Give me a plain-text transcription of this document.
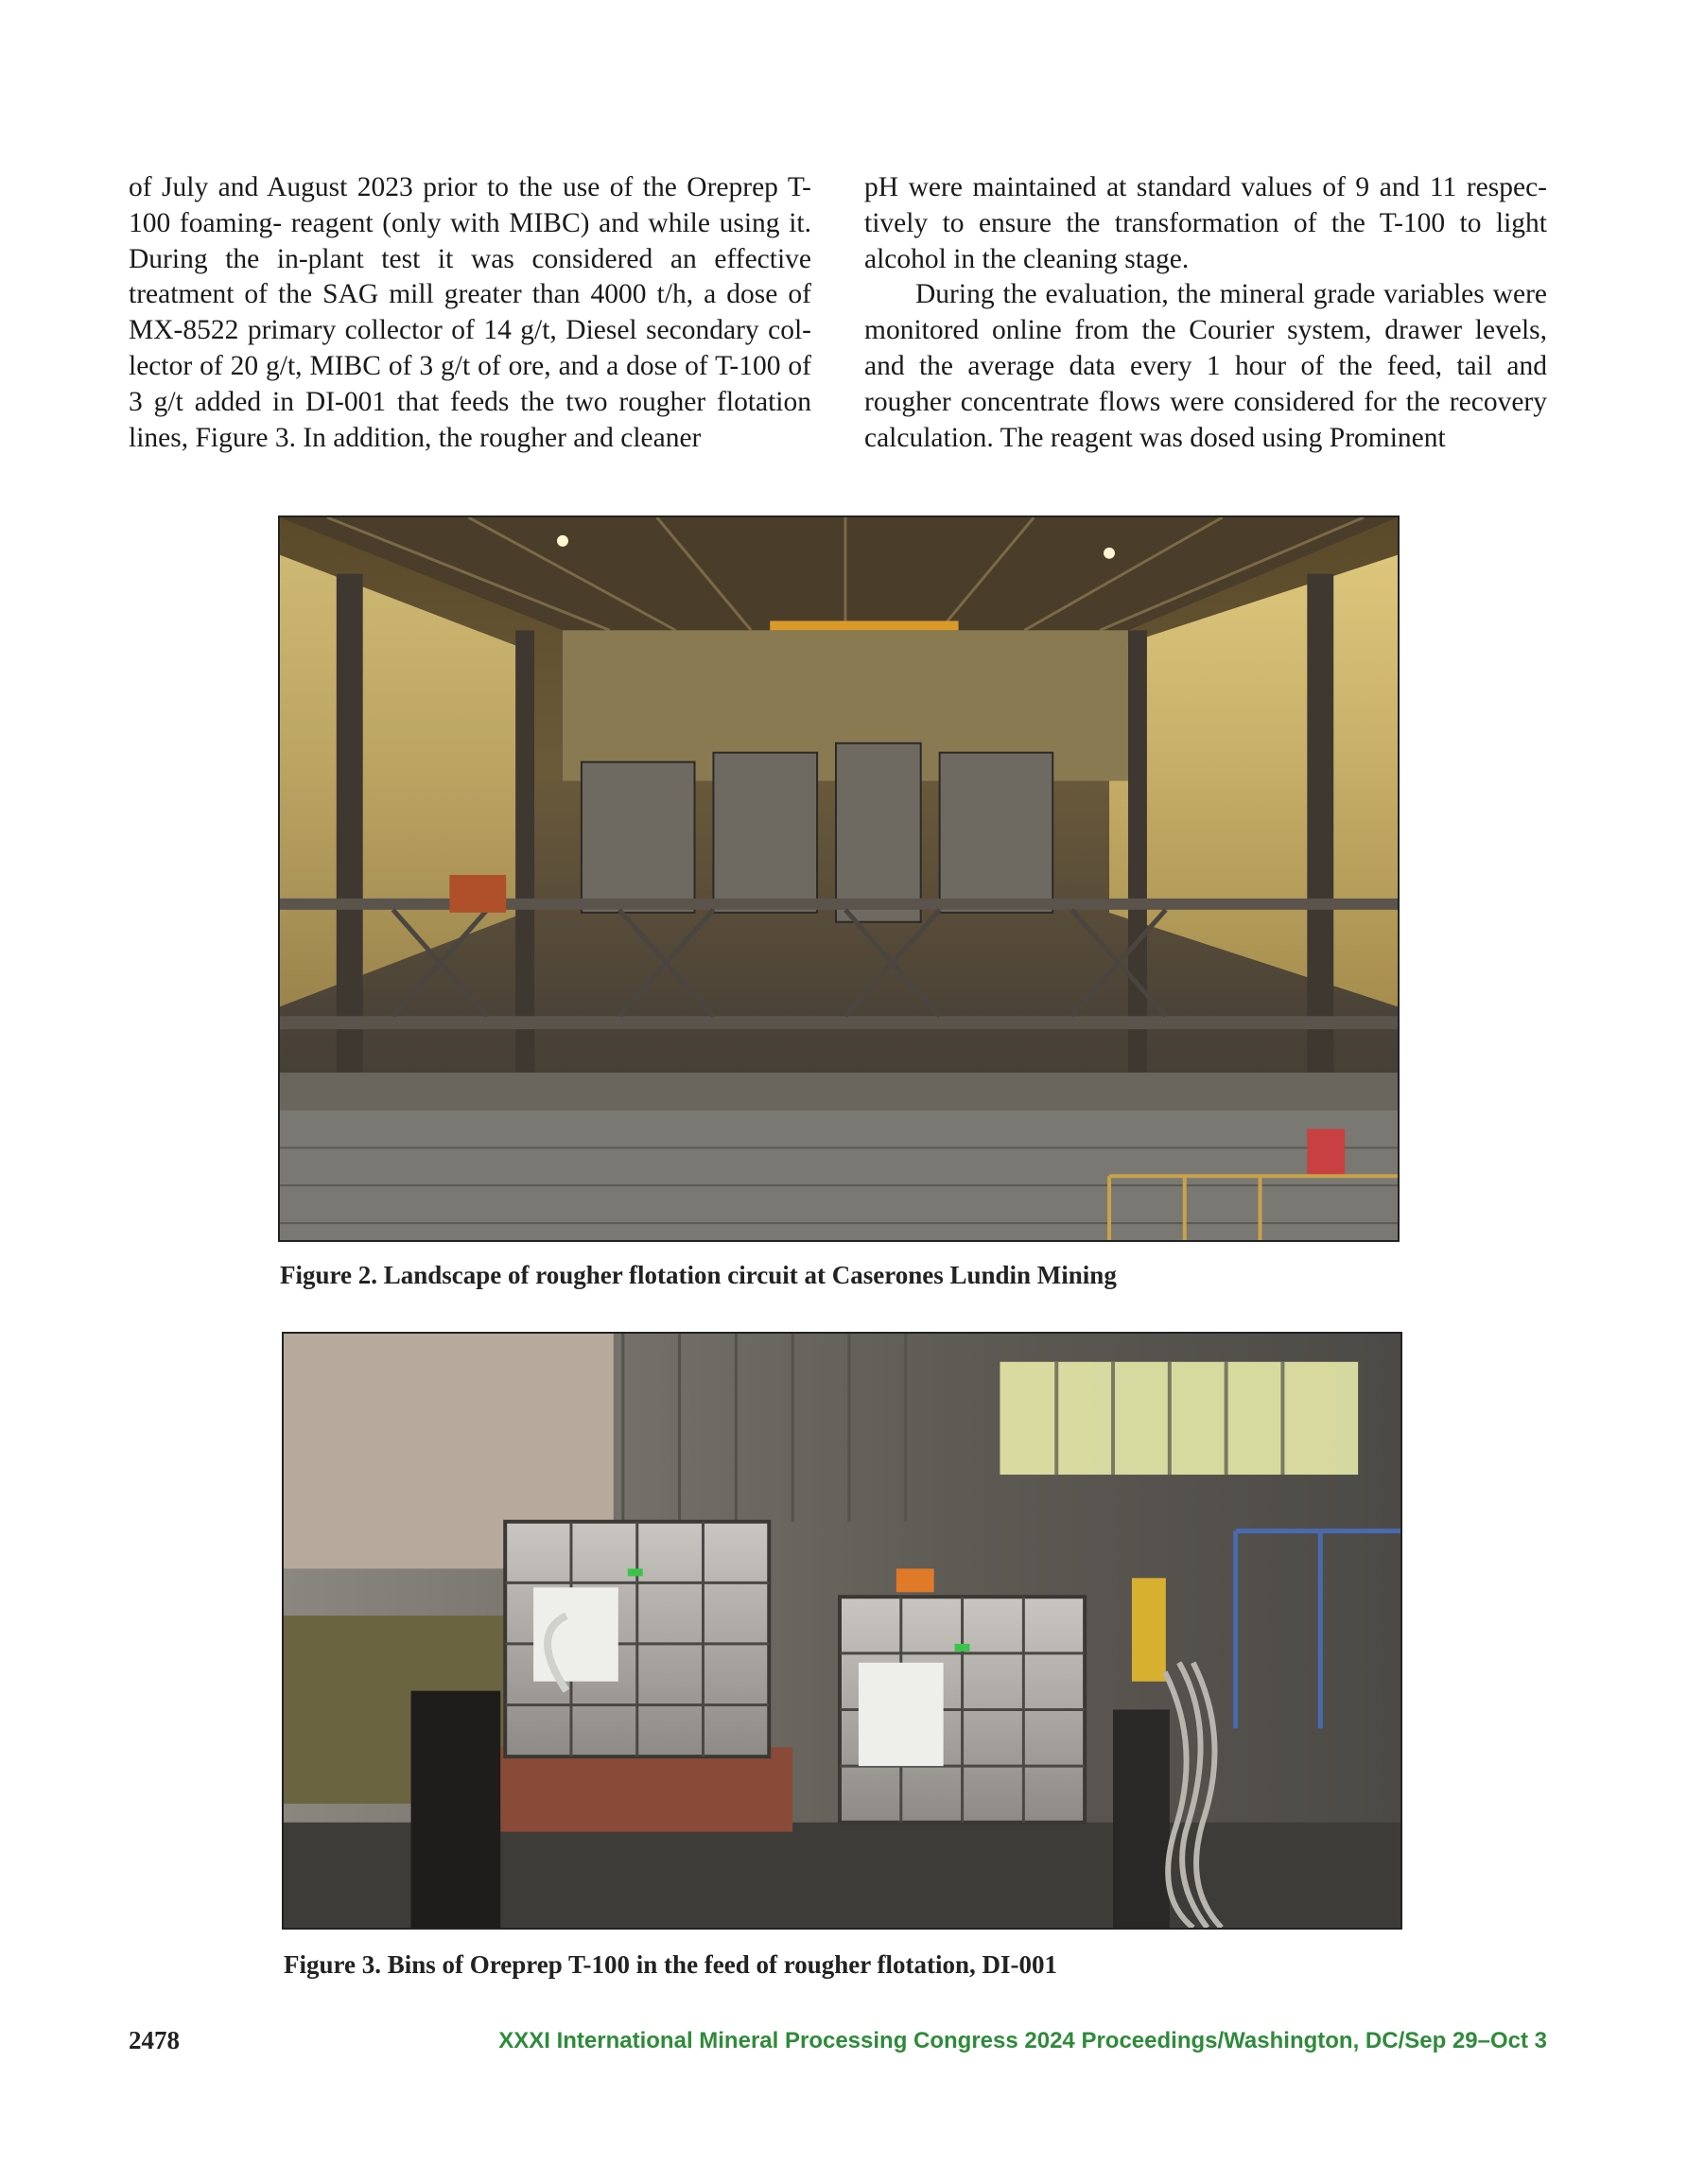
of July and August 2023 prior to the use of the Oreprep T-100 foaming- reagent (only with MIBC) and while using it. During the in-plant test it was considered an effective treatment of the SAG mill greater than 4000 t/h, a dose of MX-8522 primary collector of 14 g/t, Diesel secondary collector of 20 g/t, MIBC of 3 g/t of ore, and a dose of T-100 of 3 g/t added in DI-001 that feeds the two rougher flotation lines, Figure 3. In addition, the rougher and cleaner

pH were maintained at standard values of 9 and 11 respectively to ensure the transformation of the T-100 to light alcohol in the cleaning stage.

During the evaluation, the mineral grade variables were monitored online from the Courier system, drawer levels, and the average data every 1 hour of the feed, tail and rougher concentrate flows were considered for the recovery calculation. The reagent was dosed using Prominent

Figure 2. Landscape of rougher flotation circuit at Caserones Lundin Mining
Figure 3. Bins of Oreprep T-100 in the feed of rougher flotation, DI-001
2478	XXXI International Mineral Processing Congress 2024 Proceedings/Washington, DC/Sep 29–Oct 3
